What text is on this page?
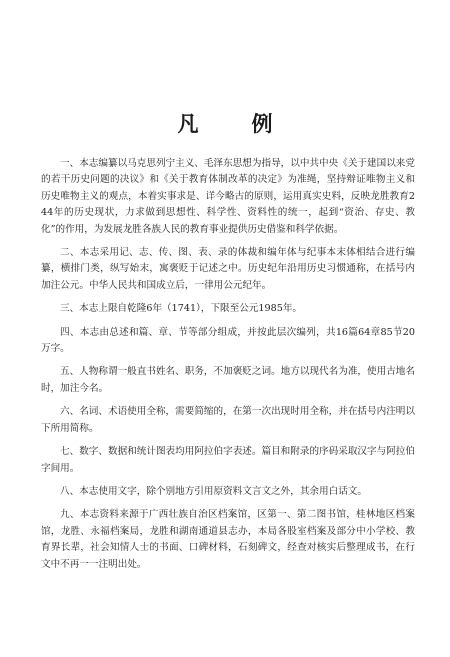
凡　例

一、本志编纂以马克思列宁主义、毛泽东思想为指导，以中共中央《关于建国以来党的若干历史问题的决议》和《关于教育体制改革的决定》为准绳，坚持辩证唯物主义和历史唯物主义的观点，本着实事求是、详今略古的原则，运用真实史料，反映龙胜教育244年的历史现状，力求做到思想性、科学性、资料性的统一，起到“资治、存史、教化”的作用，为发展龙胜各族人民的教育事业提供历史借鉴和科学依据。

二、本志采用记、志、传、图、表、录的体裁和编年体与纪事本末体相结合进行编纂，横排门类，纵写始末，寓褒贬于记述之中。历史纪年沿用历史习惯通称，在括号内加注公元。中华人民共和国成立后，一律用公元纪年。

三、本志上限自乾隆6年（1741），下限至公元1985年。

四、本志由总述和篇、章、节等部分组成，并按此层次编列，共16篇64章85节20万字。

五、人物称谓一般直书姓名、职务，不加褒贬之词。地方以现代名为准，使用古地名时，加注今名。

六、名词、术语使用全称，需要简缩的，在第一次出现时用全称，并在括号内注明以下所用简称。

七、数字、数据和统计图表均用阿拉伯字表述。篇目和附录的序码采取汉字与阿拉伯字间用。

八、本志使用文字，除个别地方引用原资料文言文之外，其余用白话文。

九、本志资料来源于广西壮族自治区档案馆，区第一、第二图书馆，桂林地区档案馆，龙胜、永福档案局，龙胜和湖南通道县志办，本局各股室档案及部分中小学校、教育界长辈，社会知情人士的书面、口碑材料，石刻碑文，经查对核实后整理成书，在行文中不再一一注明出处。
